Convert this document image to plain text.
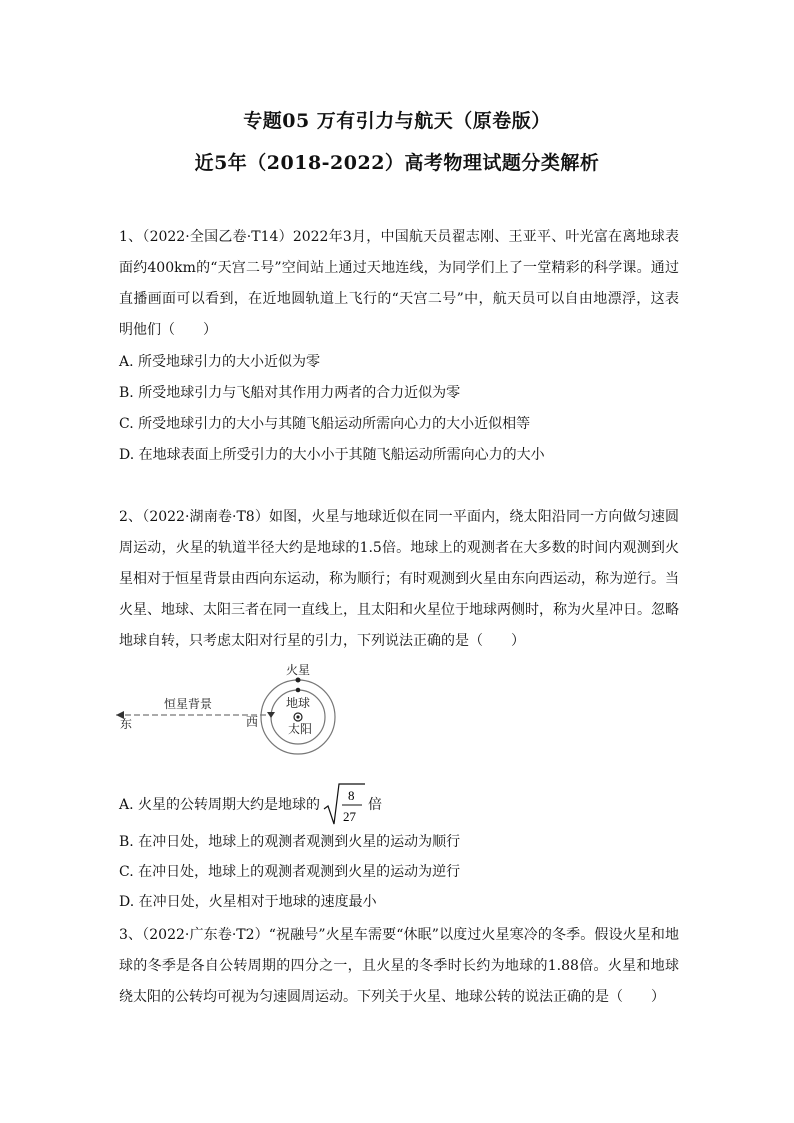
专题05 万有引力与航天（原卷版）
近5年（2018-2022）高考物理试题分类解析
1、（2022·全国乙卷·T14）2022年3月，中国航天员翟志刚、王亚平、叶光富在离地球表面约400km的“天宫二号”空间站上通过天地连线，为同学们上了一堂精彩的科学课。通过直播画面可以看到，在近地圆轨道上飞行的“天宫二号”中，航天员可以自由地漂浮，这表明他们（　　）
A. 所受地球引力的大小近似为零
B. 所受地球引力与飞船对其作用力两者的合力近似为零
C. 所受地球引力的大小与其随飞船运动所需向心力的大小近似相等
D. 在地球表面上所受引力的大小小于其随飞船运动所需向心力的大小
2、（2022·湖南卷·T8）如图，火星与地球近似在同一平面内，绕太阳沿同一方向做匀速圆周运动，火星的轨道半径大约是地球的1.5倍。地球上的观测者在大多数的时间内观测到火星相对于恒星背景由西向东运动，称为顺行；有时观测到火星由东向西运动，称为逆行。当火星、地球、太阳三者在同一直线上，且太阳和火星位于地球两侧时，称为火星冲日。忽略地球自转，只考虑太阳对行星的引力，下列说法正确的是（　　）
恒星背景
东	西
火星
地球
太阳
A. 火星的公转周期大约是地球的
8
27
倍
B. 在冲日处，地球上的观测者观测到火星的运动为顺行
C. 在冲日处，地球上的观测者观测到火星的运动为逆行
D. 在冲日处，火星相对于地球的速度最小
3、（2022·广东卷·T2）“祝融号”火星车需要“休眠”以度过火星寒冷的冬季。假设火星和地球的冬季是各自公转周期的四分之一，且火星的冬季时长约为地球的1.88倍。火星和地球绕太阳的公转均可视为匀速圆周运动。下列关于火星、地球公转的说法正确的是（　　）
